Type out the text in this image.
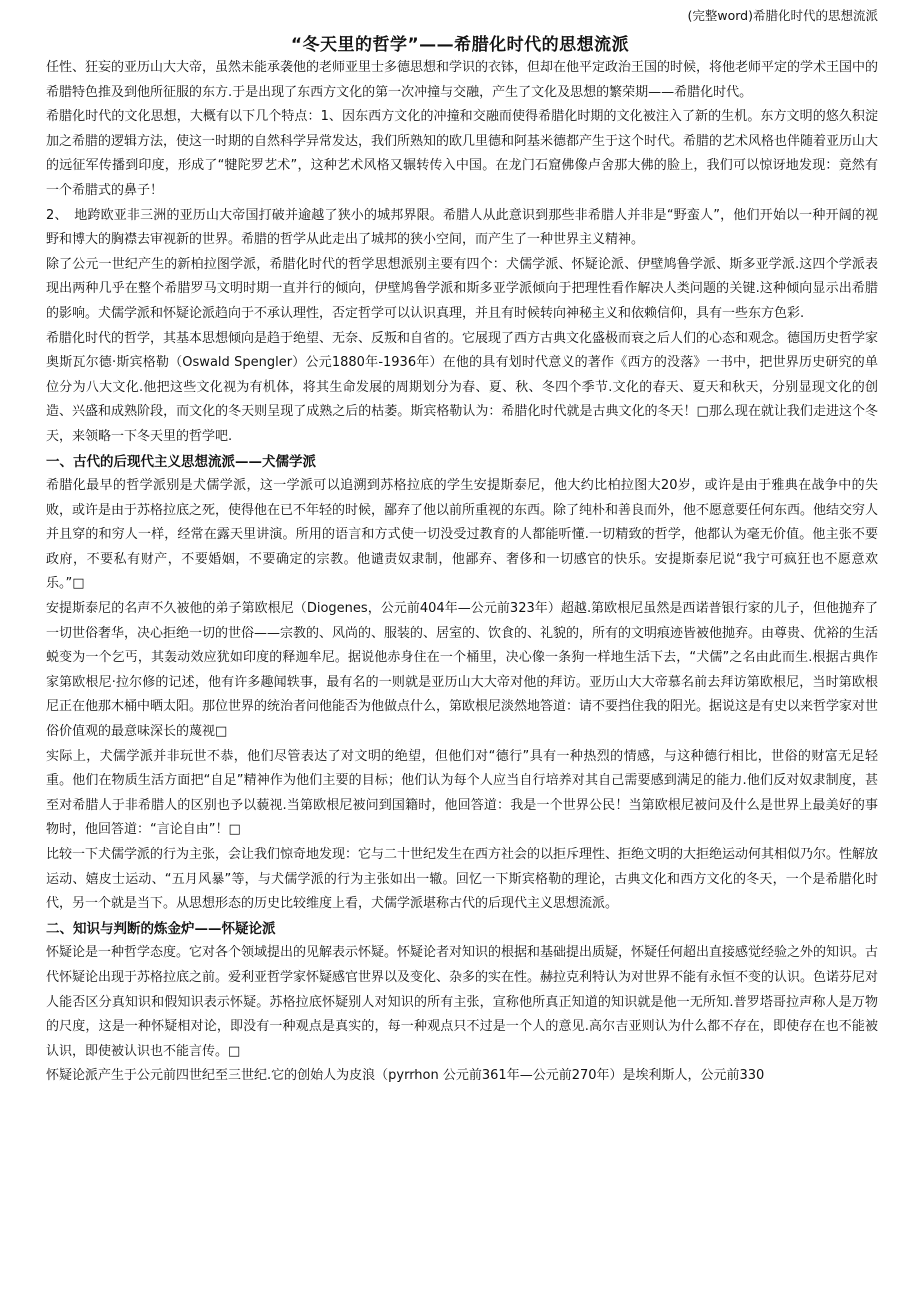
(完整word)希腊化时代的思想流派
“冬天里的哲学”——希腊化时代的思想流派

任性、狂妄的亚历山大大帝，虽然未能承袭他的老师亚里士多德思想和学识的衣钵，但却在他平定政治王国的时候，将他老师平定的学术王国中的希腊特色推及到他所征服的东方.于是出现了东西方文化的第一次冲撞与交融，产生了文化及思想的繁荣期——希腊化时代。

希腊化时代的文化思想，大概有以下几个特点：1、因东西方文化的冲撞和交融而使得希腊化时期的文化被注入了新的生机。东方文明的悠久积淀加之希腊的逻辑方法，使这一时期的自然科学异常发达，我们所熟知的欧几里德和阿基米德都产生于这个时代。希腊的艺术风格也伴随着亚历山大的远征军传播到印度，形成了“犍陀罗艺术”，这种艺术风格又辗转传入中国。在龙门石窟佛像卢舍那大佛的脸上，我们可以惊讶地发现：竟然有一个希腊式的鼻子！

2、　地跨欧亚非三洲的亚历山大帝国打破并逾越了狭小的城邦界限。希腊人从此意识到那些非希腊人并非是“野蛮人”，他们开始以一种开阔的视野和博大的胸襟去审视新的世界。希腊的哲学从此走出了城邦的狭小空间，而产生了一种世界主义精神。

除了公元一世纪产生的新柏拉图学派，希腊化时代的哲学思想派别主要有四个：犬儒学派、怀疑论派、伊壁鸠鲁学派、斯多亚学派.这四个学派表现出两种几乎在整个希腊罗马文明时期一直并行的倾向，伊壁鸠鲁学派和斯多亚学派倾向于把理性看作解决人类问题的关键.这种倾向显示出希腊的影响。犬儒学派和怀疑论派趋向于不承认理性，否定哲学可以认识真理，并且有时候转向神秘主义和依赖信仰，具有一些东方色彩.

希腊化时代的哲学，其基本思想倾向是趋于绝望、无奈、反叛和自省的。它展现了西方古典文化盛极而衰之后人们的心态和观念。德国历史哲学家奥斯瓦尔德·斯宾格勒（Oswald Spengler）公元1880年-1936年）在他的具有划时代意义的著作《西方的没落》一书中，把世界历史研究的单位分为八大文化.他把这些文化视为有机体，将其生命发展的周期划分为春、夏、秋、冬四个季节.文化的春天、夏天和秋天，分别显现文化的创造、兴盛和成熟阶段，而文化的冬天则呈现了成熟之后的枯萎。斯宾格勒认为：希腊化时代就是古典文化的冬天！□那么现在就让我们走进这个冬天，来领略一下冬天里的哲学吧.

一、古代的后现代主义思想流派——犬儒学派

希腊化最早的哲学派别是犬儒学派，这一学派可以追溯到苏格拉底的学生安提斯泰尼，他大约比柏拉图大20岁，或许是由于雅典在战争中的失败，或许是由于苏格拉底之死，使得他在已不年轻的时候，鄙弃了他以前所重视的东西。除了纯朴和善良而外，他不愿意要任何东西。他结交穷人并且穿的和穷人一样，经常在露天里讲演。所用的语言和方式使一切没受过教育的人都能听懂.一切精致的哲学，他都认为毫无价值。他主张不要政府，不要私有财产，不要婚姻，不要确定的宗教。他谴责奴隶制，他鄙弃、奢侈和一切感官的快乐。安提斯泰尼说“我宁可疯狂也不愿意欢乐。”□

安提斯泰尼的名声不久被他的弟子第欧根尼（Diogenes，公元前404年—公元前323年）超越.第欧根尼虽然是西诺普银行家的儿子，但他抛弃了一切世俗奢华，决心拒绝一切的世俗——宗教的、风尚的、服装的、居室的、饮食的、礼貌的，所有的文明痕迹皆被他抛弃。由尊贵、优裕的生活蜕变为一个乞丐，其轰动效应犹如印度的释迦牟尼。据说他赤身住在一个桶里，决心像一条狗一样地生活下去，“犬儒”之名由此而生.根据古典作家第欧根尼·拉尔修的记述，他有许多趣闻轶事，最有名的一则就是亚历山大大帝对他的拜访。亚历山大大帝慕名前去拜访第欧根尼，当时第欧根尼正在他那木桶中晒太阳。那位世界的统治者问他能否为他做点什么，第欧根尼淡然地答道：请不要挡住我的阳光。据说这是有史以来哲学家对世俗价值观的最意味深长的蔑视□

实际上，犬儒学派并非玩世不恭，他们尽管表达了对文明的绝望，但他们对“德行”具有一种热烈的情感，与这种德行相比，世俗的财富无足轻重。他们在物质生活方面把“自足”精神作为他们主要的目标；他们认为每个人应当自行培养对其自己需要感到满足的能力.他们反对奴隶制度，甚至对希腊人于非希腊人的区别也予以藐视.当第欧根尼被问到国籍时，他回答道：我是一个世界公民！当第欧根尼被问及什么是世界上最美好的事物时，他回答道：“言论自由”！□

比较一下犬儒学派的行为主张，会让我们惊奇地发现：它与二十世纪发生在西方社会的以拒斥理性、拒绝文明的大拒绝运动何其相似乃尔。性解放运动、嬉皮士运动、“五月风暴”等，与犬儒学派的行为主张如出一辙。回忆一下斯宾格勒的理论，古典文化和西方文化的冬天，一个是希腊化时代，另一个就是当下。从思想形态的历史比较维度上看，犬儒学派堪称古代的后现代主义思想流派。

二、知识与判断的炼金炉——怀疑论派

怀疑论是一种哲学态度。它对各个领域提出的见解表示怀疑。怀疑论者对知识的根据和基础提出质疑，怀疑任何超出直接感觉经验之外的知识。古代怀疑论出现于苏格拉底之前。爱利亚哲学家怀疑感官世界以及变化、杂多的实在性。赫拉克利特认为对世界不能有永恒不变的认识。色诺芬尼对人能否区分真知识和假知识表示怀疑。苏格拉底怀疑别人对知识的所有主张，宣称他所真正知道的知识就是他一无所知.普罗塔哥拉声称人是万物的尺度，这是一种怀疑相对论，即没有一种观点是真实的，每一种观点只不过是一个人的意见.高尔吉亚则认为什么都不存在，即使存在也不能被认识，即使被认识也不能言传。□

怀疑论派产生于公元前四世纪至三世纪.它的创始人为皮浪（pyrrhon 公元前361年—公元前270年）是埃利斯人，公元前330
